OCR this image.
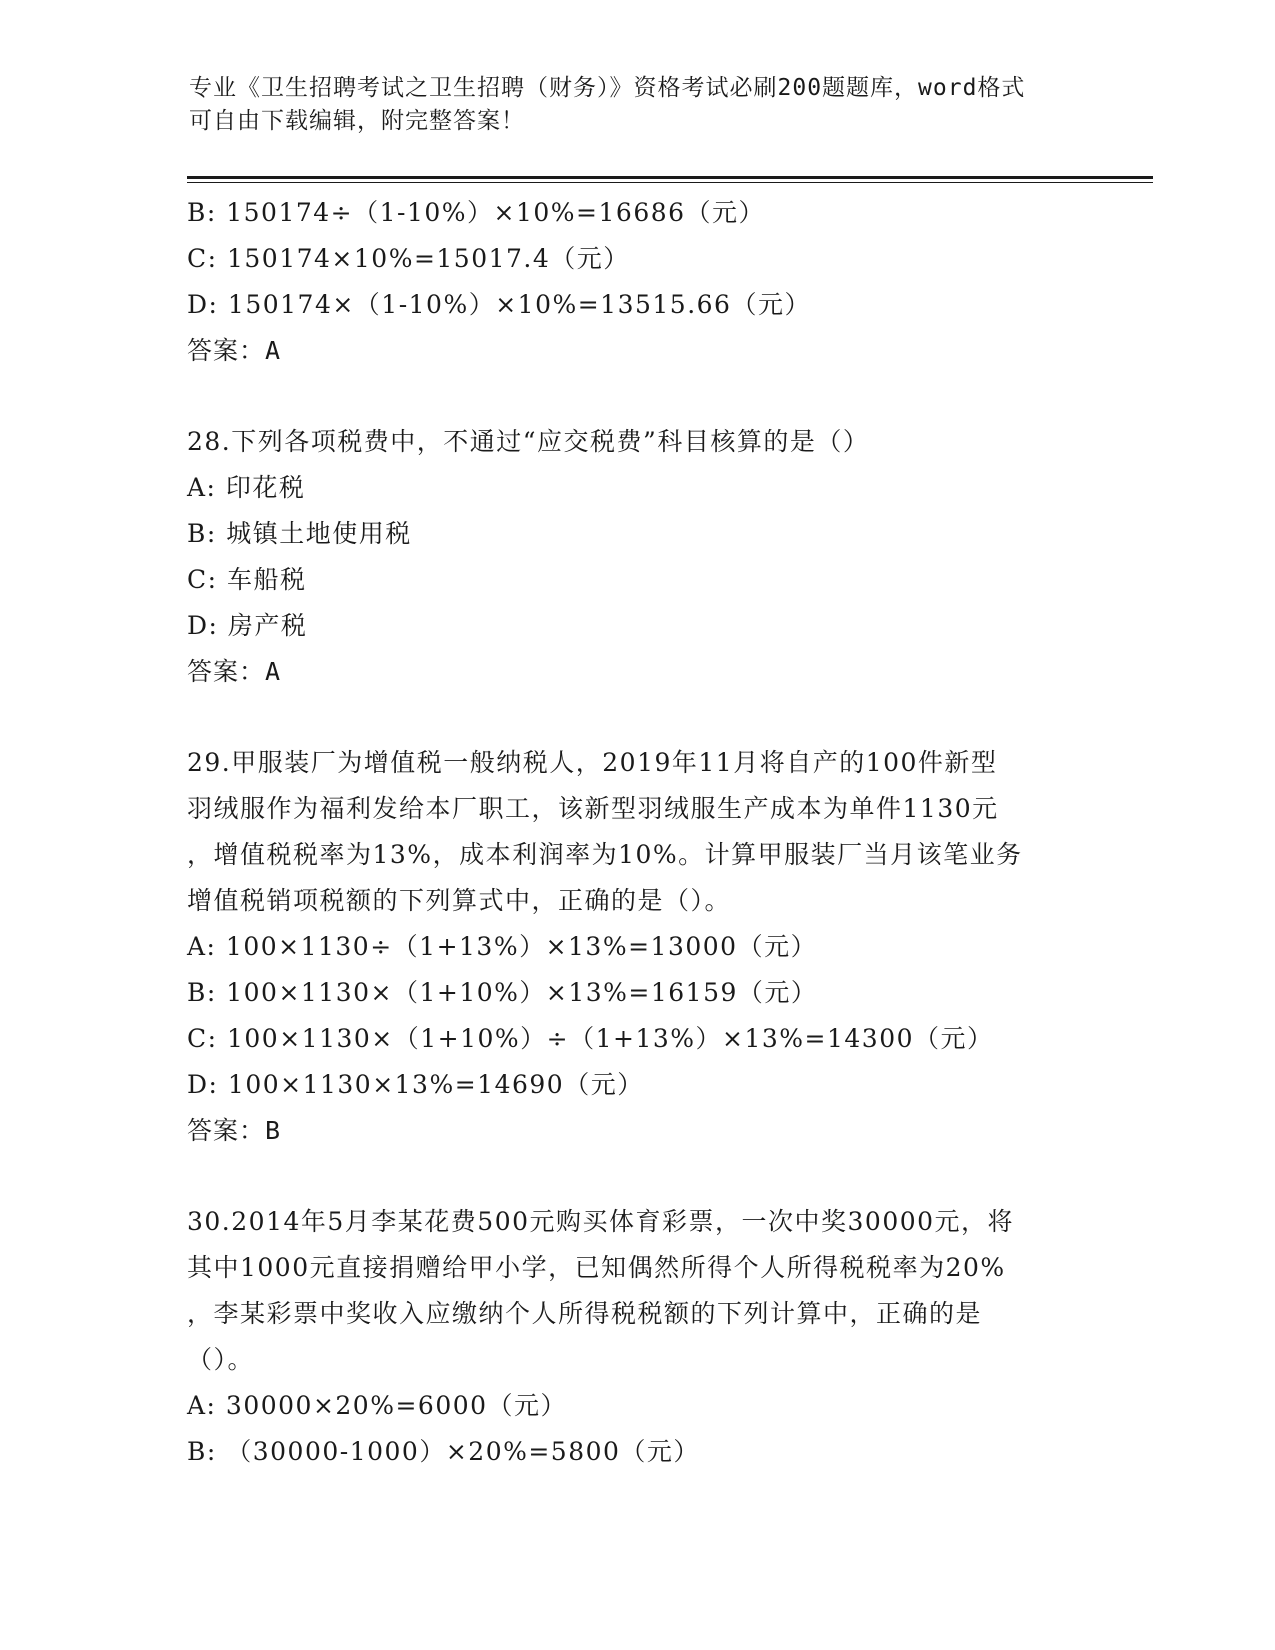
专业《卫生招聘考试之卫生招聘（财务）》资格考试必刷200题题库，word格式
可自由下载编辑，附完整答案！
B: 150174÷（1-10%）×10%=16686（元）
C: 150174×10%=15017.4（元）
D: 150174×（1-10%）×10%=13515.66（元）
答案：A
28.下列各项税费中，不通过“应交税费”科目核算的是（）
A: 印花税
B: 城镇土地使用税
C: 车船税
D: 房产税
答案：A
29.甲服装厂为增值税一般纳税人，2019年11月将自产的100件新型
羽绒服作为福利发给本厂职工，该新型羽绒服生产成本为单件1130元
，增值税税率为13%，成本利润率为10%。计算甲服装厂当月该笔业务
增值税销项税额的下列算式中，正确的是（）。
A: 100×1130÷（1+13%）×13%=13000（元）
B: 100×1130×（1+10%）×13%=16159（元）
C: 100×1130×（1+10%）÷（1+13%）×13%=14300（元）
D: 100×1130×13%=14690（元）
答案：B
30.2014年5月李某花费500元购买体育彩票，一次中奖30000元，将
其中1000元直接捐赠给甲小学，已知偶然所得个人所得税税率为20%
，李某彩票中奖收入应缴纳个人所得税税额的下列计算中，正确的是
（）。
A: 30000×20%=6000（元）
B: （30000-1000）×20%=5800（元）
